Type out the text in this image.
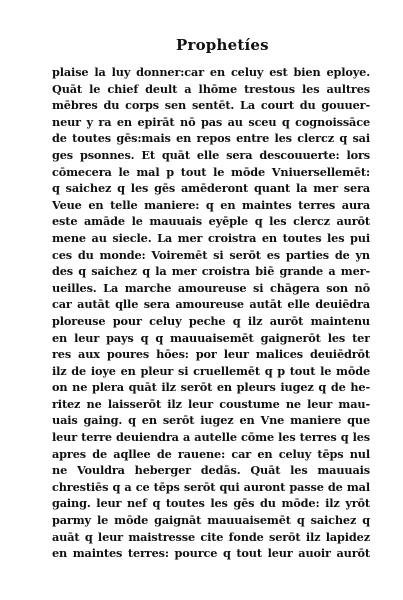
Prophetíes
plaise la luy donner:car en celuy est bien eploye.
Quāt le chief deult a lhōme trestous les aultres
mēbres du corps sen sentēt. La court du gouuer-
neur y ra en epirāt nō pas au sceu q cognoissāce
de toutes gēs:mais en repos entre les clercz q sai
ges psonnes. Et quāt elle sera descouuerte: lors
cōmecera le mal p tout le mōde Vniuersellemēt:
q saichez q les gēs amēderont quant la mer sera
Veue en telle maniere: q en maintes terres aura
este amāde le mauuais eyēple q les clercz aurōt
mene au siecle. La mer croistra en toutes les pui
ces du monde: Voiremēt si serōt es parties de yn
des q saichez q la mer croistra biē grande a mer-
ueilles. La marche amoureuse si chāgera son nō
car autāt qlle sera amoureuse autāt elle deuiēdra
ploreuse pour celuy peche q ilz aurōt maintenu
en leur pays q q mauuaisemēt gaignerōt les ter
res aux poures hōes: por leur malices deuiēdrōt
ilz de ioye en pleur si cruellemēt q p tout le mōde
on ne plera quāt ilz serōt en pleurs iugez q de he-
ritez ne laisserōt ilz leur coustume ne leur mau-
uais gaing. q en serōt iugez en Vne maniere que
leur terre deuiendra a autelle cōme les terres q les
apres de aqllee de rauene: car en celuy tēps nul
ne Vouldra heberger dedās. Quāt les mauuais
chrestiēs q a ce tēps serōt qui auront passe de mal
gaing. leur nef q toutes les gēs du mōde: ilz yrōt
parmy le mōde gaignāt mauuaisemēt q saichez q
auāt q leur maistresse cite fonde serōt ilz lapidez
en maintes terres: pource q tout leur auoir aurōt
